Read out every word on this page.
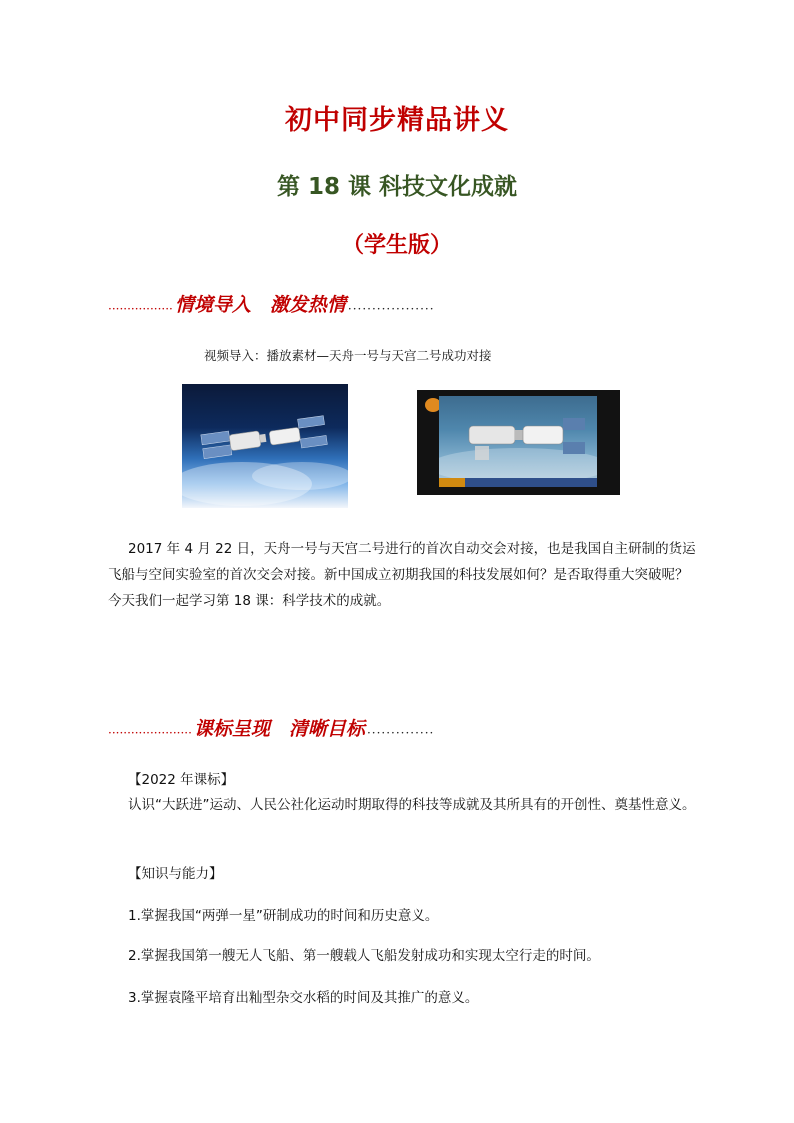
初中同步精品讲义
第 18 课 科技文化成就
（学生版）
················· 情境导入　激发热情 ··················
视频导入：播放素材—天舟一号与天宫二号成功对接
2017 年 4 月 22 日，天舟一号与天宫二号进行的首次自动交会对接，也是我国自主研制的货运飞船与空间实验室的首次交会对接。新中国成立初期我国的科技发展如何？是否取得重大突破呢？今天我们一起学习第 18 课：科学技术的成就。
······················ 课标呈现　清晰目标 ··············
【2022 年课标】
认识“大跃进”运动、人民公社化运动时期取得的科技等成就及其所具有的开创性、奠基性意义。
【知识与能力】
1.掌握我国“两弹一星”研制成功的时间和历史意义。
2.掌握我国第一艘无人飞船、第一艘载人飞船发射成功和实现太空行走的时间。
3.掌握袁隆平培育出籼型杂交水稻的时间及其推广的意义。
